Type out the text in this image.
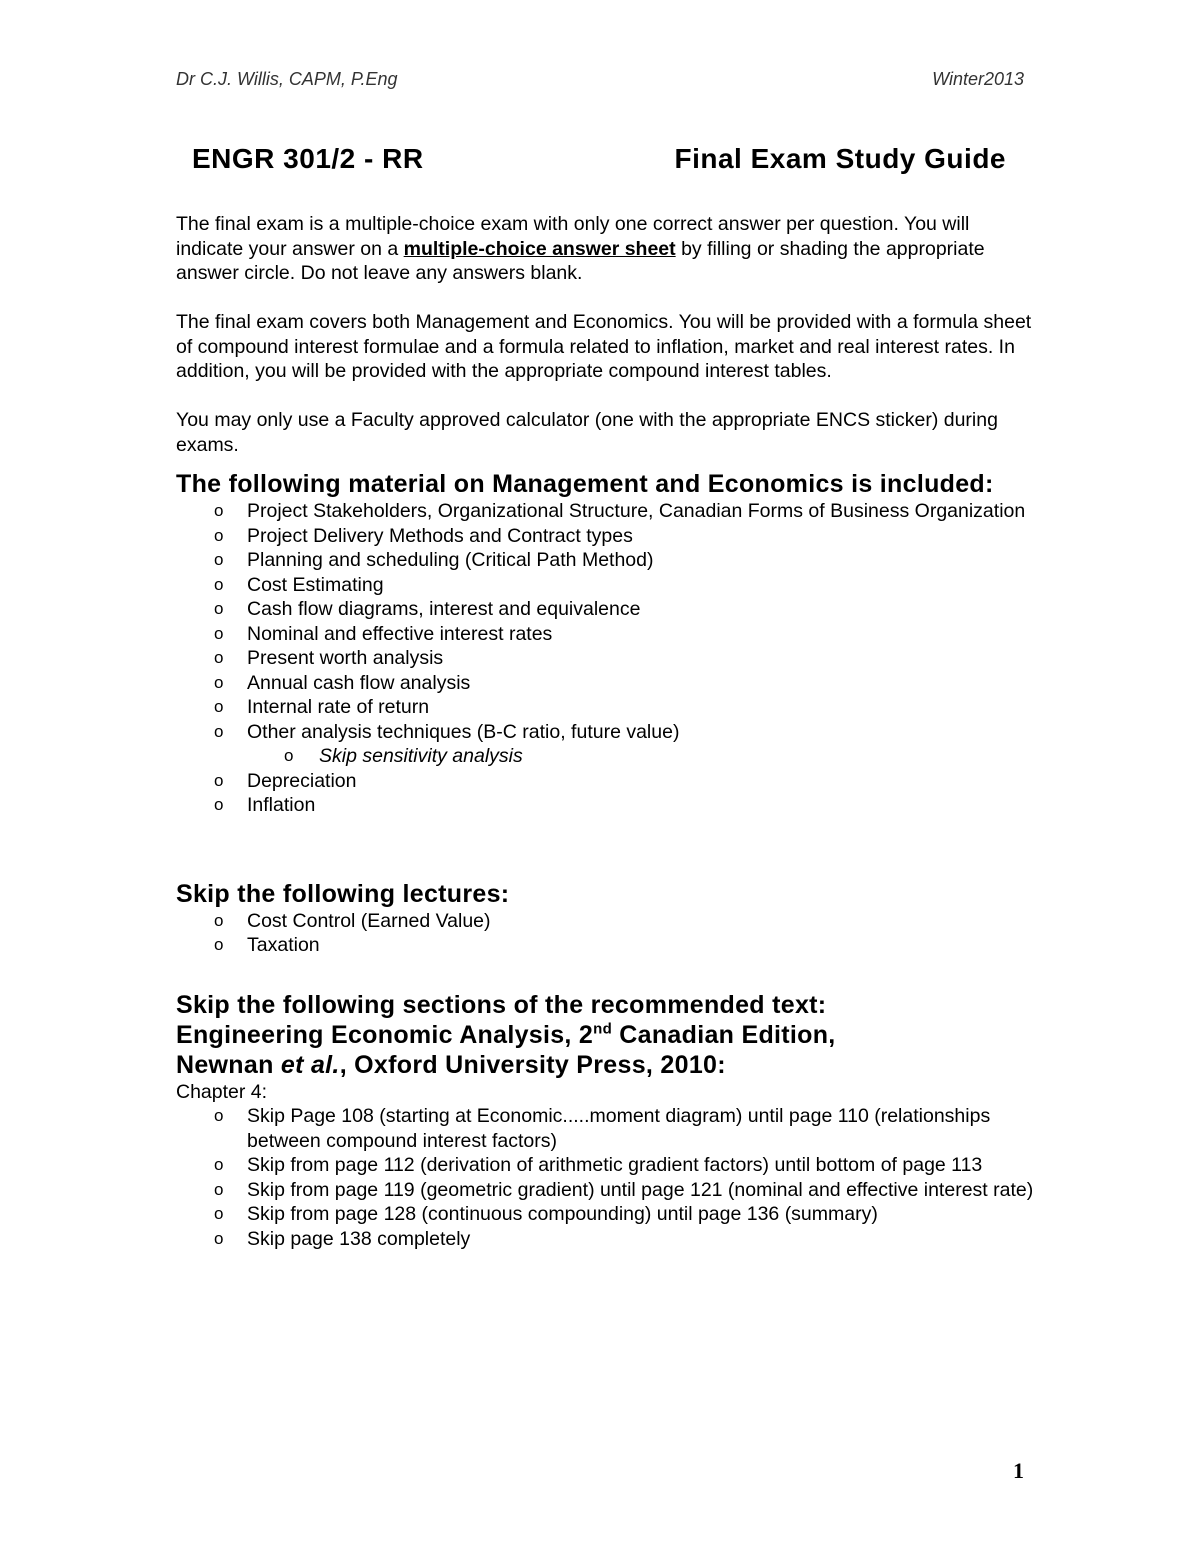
Dr C.J. Willis, CAPM, P.Eng	Winter2013
ENGR 301/2 - RR	Final Exam Study Guide

The final exam is a multiple-choice exam with only one correct answer per question. You will indicate your answer on a multiple-choice answer sheet by filling or shading the appropriate answer circle. Do not leave any answers blank.

The final exam covers both Management and Economics. You will be provided with a formula sheet of compound interest formulae and a formula related to inflation, market and real interest rates. In addition, you will be provided with the appropriate compound interest tables.

You may only use a Faculty approved calculator (one with the appropriate ENCS sticker) during exams.

The following material on Management and Economics is included:
o Project Stakeholders, Organizational Structure, Canadian Forms of Business Organization
o Project Delivery Methods and Contract types
o Planning and scheduling (Critical Path Method)
o Cost Estimating
o Cash flow diagrams, interest and equivalence
o Nominal and effective interest rates
o Present worth analysis
o Annual cash flow analysis
o Internal rate of return
o Other analysis techniques (B-C ratio, future value)
o Skip sensitivity analysis
o Depreciation
o Inflation
Skip the following lectures:
o Cost Control (Earned Value)
o Taxation
Skip the following sections of the recommended text:
Engineering Economic Analysis, 2nd Canadian Edition,
Newnan et al., Oxford University Press, 2010:
Chapter 4:
o Skip Page 108 (starting at Economic.....moment diagram) until page 110 (relationships between compound interest factors)
o Skip from page 112 (derivation of arithmetic gradient factors) until bottom of page 113
o Skip from page 119 (geometric gradient) until page 121 (nominal and effective interest rate)
o Skip from page 128 (continuous compounding) until page 136 (summary)
o Skip page 138 completely
1
